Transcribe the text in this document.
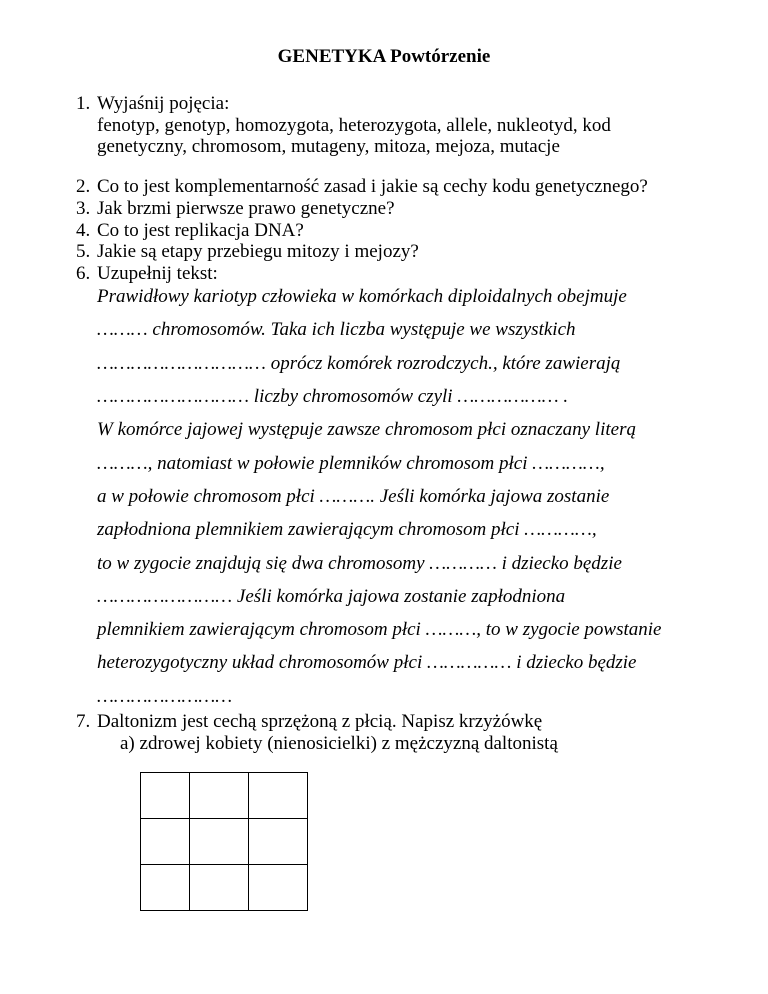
GENETYKA Powtórzenie
1. Wyjaśnij pojęcia:
fenotyp, genotyp, homozygota, heterozygota, allele, nukleotyd, kod
genetyczny, chromosom, mutageny, mitoza, mejoza, mutacje
2. Co to jest komplementarność zasad i jakie są cechy kodu genetycznego?
3. Jak brzmi pierwsze prawo genetyczne?
4. Co to jest replikacja DNA?
5. Jakie są etapy przebiegu mitozy i mejozy?
6. Uzupełnij tekst:
Prawidłowy kariotyp człowieka w komórkach diploidalnych obejmuje
……… chromosomów. Taka ich liczba występuje we wszystkich
………………………… oprócz komórek rozrodczych., które zawierają
……………………… liczby chromosomów czyli ……………… .
W komórce jajowej występuje zawsze chromosom płci oznaczany literą
………, natomiast w połowie plemników chromosom płci …………,
a w połowie chromosom płci ………. Jeśli komórka jajowa zostanie
zapłodniona plemnikiem zawierającym chromosom płci …………,
to w zygocie znajdują się dwa chromosomy ………… i dziecko będzie
…………………… Jeśli komórka jajowa zostanie zapłodniona
plemnikiem zawierającym chromosom płci ………, to w zygocie powstanie
heterozygotyczny układ chromosomów płci …………… i dziecko będzie
……………………
7. Daltonizm jest cechą sprzężoną z płcią. Napisz krzyżówkę
a) zdrowej kobiety (nienosicielki) z mężczyzną daltonistą
